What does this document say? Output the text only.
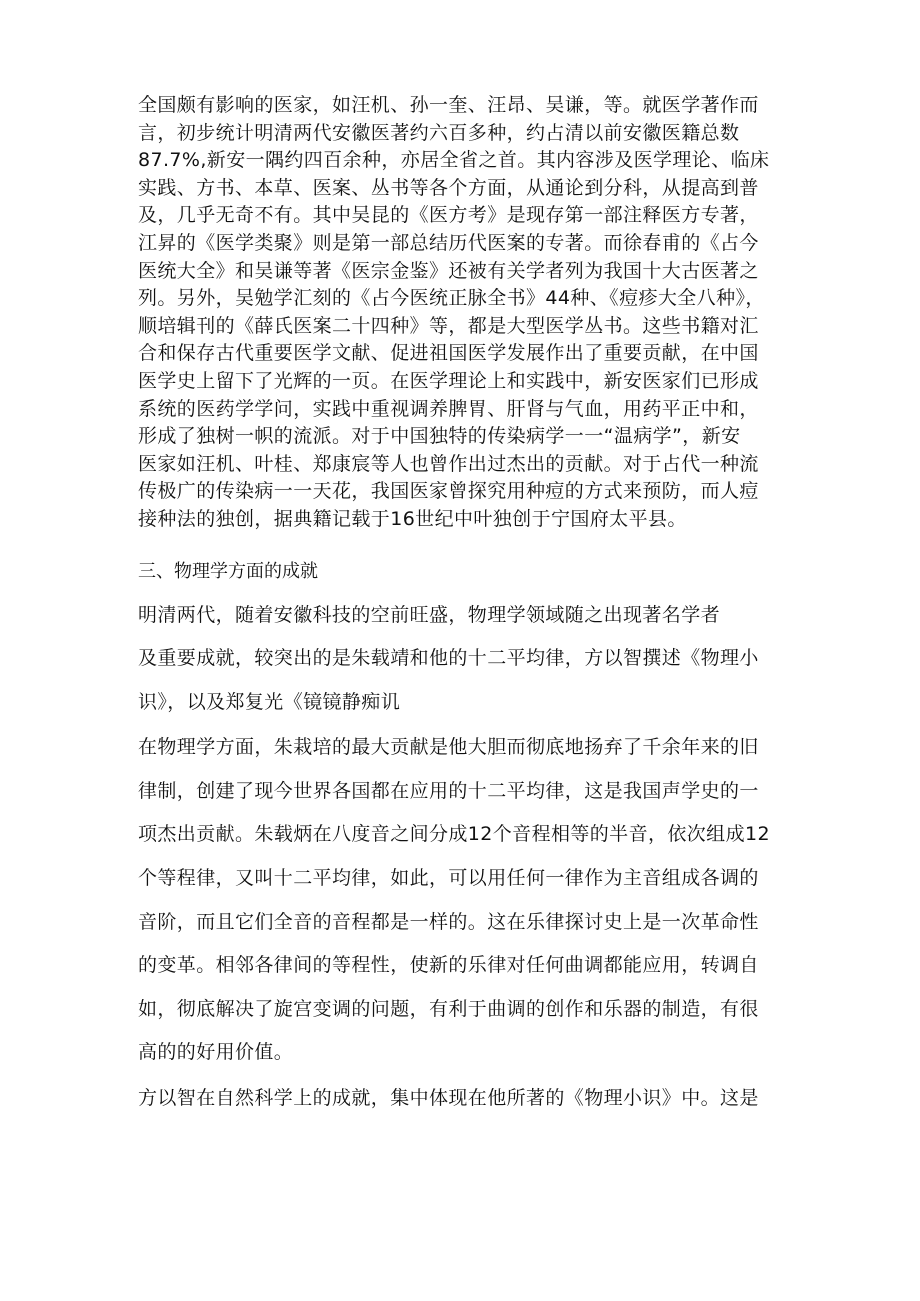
全国颇有影响的医家，如汪机、孙一奎、汪昂、吴谦，等。就医学著作而
言，初步统计明清两代安徽医著约六百多种，约占清以前安徽医籍总数
87.7%,新安一隅约四百余种，亦居全省之首。其内容涉及医学理论、临床
实践、方书、本草、医案、丛书等各个方面，从通论到分科，从提高到普
及，几乎无奇不有。其中吴昆的《医方考》是现存第一部注释医方专著，
江昇的《医学类聚》则是第一部总结历代医案的专著。而徐春甫的《占今
医统大全》和吴谦等著《医宗金鉴》还被有关学者列为我国十大古医著之
列。另外，吴勉学汇刻的《占今医统正脉全书》44种、《痘疹大全八种》，
顺培辑刊的《薛氏医案二十四种》等，都是大型医学丛书。这些书籍对汇
合和保存古代重要医学文献、促进祖国医学发展作出了重要贡献，在中国
医学史上留下了光辉的一页。在医学理论上和实践中，新安医家们已形成
系统的医药学学问，实践中重视调养脾胃、肝肾与气血，用药平正中和，
形成了独树一帜的流派。对于中国独特的传染病学一一“温病学”，新安
医家如汪机、叶桂、郑康宸等人也曾作出过杰出的贡献。对于占代一种流
传极广的传染病一一天花，我国医家曾探究用种痘的方式来预防，而人痘
接种法的独创，据典籍记载于16世纪中叶独创于宁国府太平县。
三、物理学方面的成就
明清两代，随着安徽科技的空前旺盛，物理学领域随之出现著名学者
及重要成就，较突出的是朱载靖和他的十二平均律，方以智撰述《物理小
识》，以及郑复光《镜镜静痴讥
在物理学方面，朱栽培的最大贡献是他大胆而彻底地扬弃了千余年来的旧
律制，创建了现今世界各国都在应用的十二平均律，这是我国声学史的一
项杰出贡献。朱载炳在八度音之间分成12个音程相等的半音，依次组成12
个等程律，又叫十二平均律，如此，可以用任何一律作为主音组成各调的
音阶，而且它们全音的音程都是一样的。这在乐律探讨史上是一次革命性
的变革。相邻各律间的等程性，使新的乐律对任何曲调都能应用，转调自
如，彻底解决了旋宫变调的问题，有利于曲调的创作和乐器的制造，有很
高的的好用价值。
方以智在自然科学上的成就，集中体现在他所著的《物理小识》中。这是
